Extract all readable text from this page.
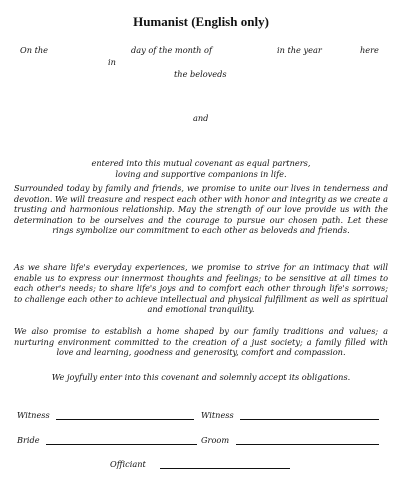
Humanist (English only)
On the	day of the month of	in the year	here
in
the beloveds
and
entered into this mutual covenant as equal partners,
loving and supportive companions in life.

Surrounded today by family and friends, we promise to unite our lives in tenderness and devotion. We will treasure and respect each other with honor and integrity as we create a trusting and harmonious relationship. May the strength of our love provide us with the determination to be ourselves and the courage to pursue our chosen path. Let these rings symbolize our commitment to each other as beloveds and friends.

As we share life's everyday experiences, we promise to strive for an intimacy that will enable us to express our innermost thoughts and feelings; to be sensitive at all times to each other's needs; to share life's joys and to comfort each other through life's sorrows; to challenge each other to achieve intellectual and physical fulfillment as well as spiritual and emotional tranquility.

We also promise to establish a home shaped by our family traditions and values; a nurturing environment committed to the creation of a just society; a family filled with love and learning, goodness and generosity, comfort and compassion.

We joyfully enter into this covenant and solemnly accept its obligations.
Witness	Witness
Bride	Groom
Officiant
